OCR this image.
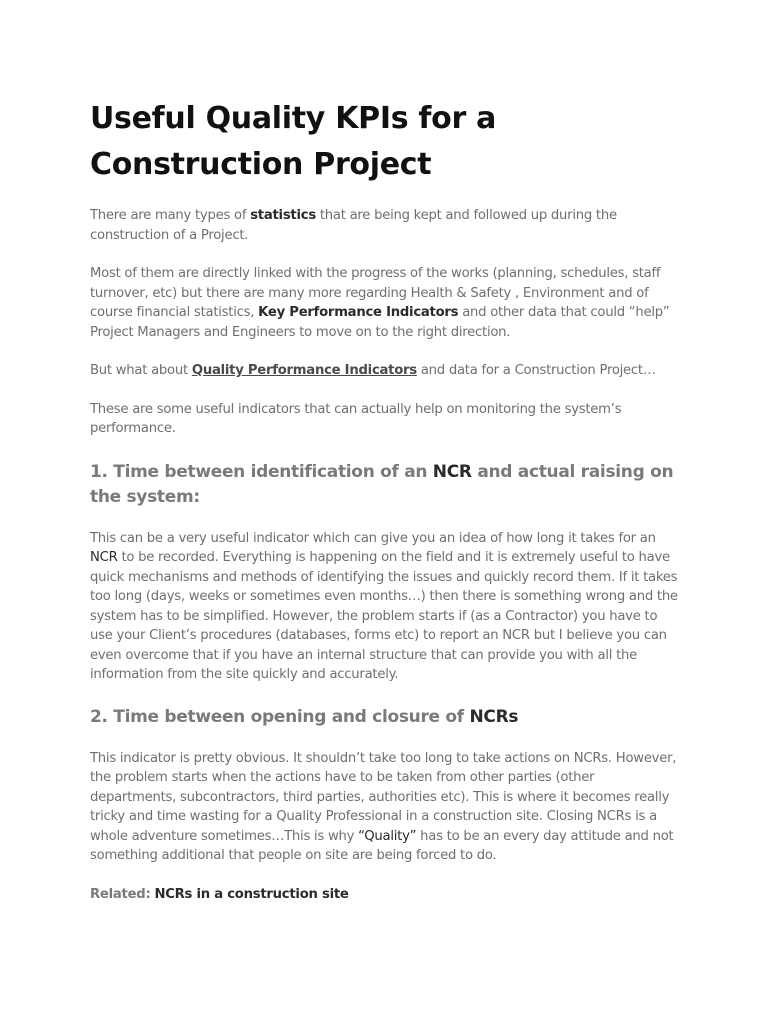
Useful Quality KPIs for a Construction Project

There are many types of statistics that are being kept and followed up during the construction of a Project.

Most of them are directly linked with the progress of the works (planning, schedules, staff turnover, etc) but there are many more regarding Health & Safety , Environment and of course financial statistics, Key Performance Indicators and other data that could “help” Project Managers and Engineers to move on to the right direction.

But what about Quality Performance Indicators and data for a Construction Project…

These are some useful indicators that can actually help on monitoring the system’s performance.

1. Time between identification of an NCR and actual raising on the system:

This can be a very useful indicator which can give you an idea of how long it takes for an NCR to be recorded. Everything is happening on the field and it is extremely useful to have quick mechanisms and methods of identifying the issues and quickly record them. If it takes too long (days, weeks or sometimes even months…) then there is something wrong and the system has to be simplified. However, the problem starts if (as a Contractor) you have to use your Client’s procedures (databases, forms etc) to report an NCR but I believe you can even overcome that if you have an internal structure that can provide you with all the information from the site quickly and accurately.

2. Time between opening and closure of NCRs

This indicator is pretty obvious. It shouldn’t take too long to take actions on NCRs. However, the problem starts when the actions have to be taken from other parties (other departments, subcontractors, third parties, authorities etc). This is where it becomes really tricky and time wasting for a Quality Professional in a construction site. Closing NCRs is a whole adventure sometimes…This is why “Quality” has to be an every day attitude and not something additional that people on site are being forced to do.

Related: NCRs in a construction site
